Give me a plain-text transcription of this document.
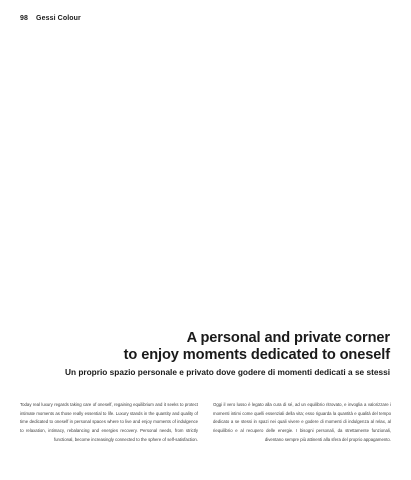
98 Gessi Colour
A personal and private corner
to enjoy moments dedicated to oneself
Un proprio spazio personale e privato dove godere di momenti dedicati a se stessi

Today real luxury regards taking care of oneself, regaining equilibrium and it seeks to protect intimate moments as those really essential to life. Luxury stands in the quantity and quality of time dedicated to oneself in personal spaces where to live and enjoy moments of indulgence to relaxation, intimacy, rebalancing and energies recovery. Personal needs, from strictly functional, become increasingly connected to the sphere of self-satisfaction.

Oggi il vero lusso è legato alla cura di sé, ad un equilibrio ritrovato, e invoglia a valorizzare i momenti intimi come quelli essenziali della vita; esso riguarda la quantità e qualità del tempo dedicato a se stessi in spazi nei quali vivere e godere di momenti di indulgenza al relax, al riequilibrio e al recupero delle energie. I bisogni personali, da strettamente funzionali, diventano sempre più attinenti alla sfera del proprio appagamento.
